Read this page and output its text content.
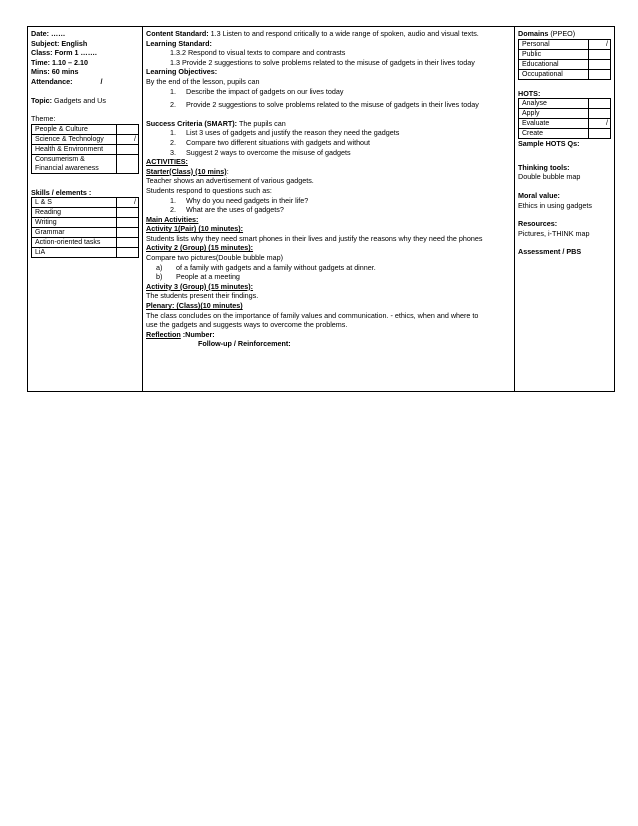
Date: ……
Subject: English
Class: Form 1 …….
Time: 1.10 – 2.10
Mins: 60 mins
Attendance:	/
Topic: Gadgets and Us
Theme:
People & Culture	
Science & Technology	/
Health & Environment	
Consumerism & Financial awareness	
Skills / elements :
L & S	/
Reading	
Writing	
Grammar	
Action-oriented tasks	
LiA	

Content Standard: 1.3 Listen to and respond critically to a wide range of spoken, audio and visual texts.
Learning Standard:
1.3.2 Respond to visual texts to compare and contrasts
1.3 Provide 2 suggestions to solve problems related to the misuse of gadgets in their lives today
Learning Objectives:
By the end of the lesson, pupils can
1. Describe the impact of gadgets on our lives today
2. Provide 2 suggestions to solve problems related to the misuse of gadgets in their lives today
Success Criteria (SMART): The pupils can
1. List 3 uses of gadgets and justify the reason they need the gadgets
2. Compare two different situations with gadgets and without
3. Suggest 2 ways to overcome the misuse of gadgets
ACTIVITIES:
Starter(Class) (10 mins):
Teacher shows an advertisement of various gadgets.
Students respond to questions such as:
1. Why do you need gadgets in their life?
2. What are the uses of gadgets?
Main Activities:
Activity 1(Pair) (10 minutes):
Students lists why they need smart phones in their lives and justify the reasons why they need the phones
Activity 2 (Group) (15 minutes):
Compare two pictures(Double bubble map)
a) of a family with gadgets and a family without gadgets at dinner.
b) People at a meeting
Activity 3 (Group) (15 minutes):
The students present their findings.
Plenary: (Class)(10 minutes)
The class concludes on the importance of family values and communication. - ethics, when and where to
use the gadgets and suggests ways to overcome the problems.
Reflection :Number:
Follow-up / Reinforcement:

Domains (PPEO)
Personal	/
Public	
Educational	
Occupational	
HOTS:
Analyse	
Apply	
Evaluate	/
Create	
Sample HOTS Qs:
Thinking tools:
Double bubble map
Moral value:
Ethics in using gadgets
Resources:
Pictures, i-THINK map
Assessment / PBS
